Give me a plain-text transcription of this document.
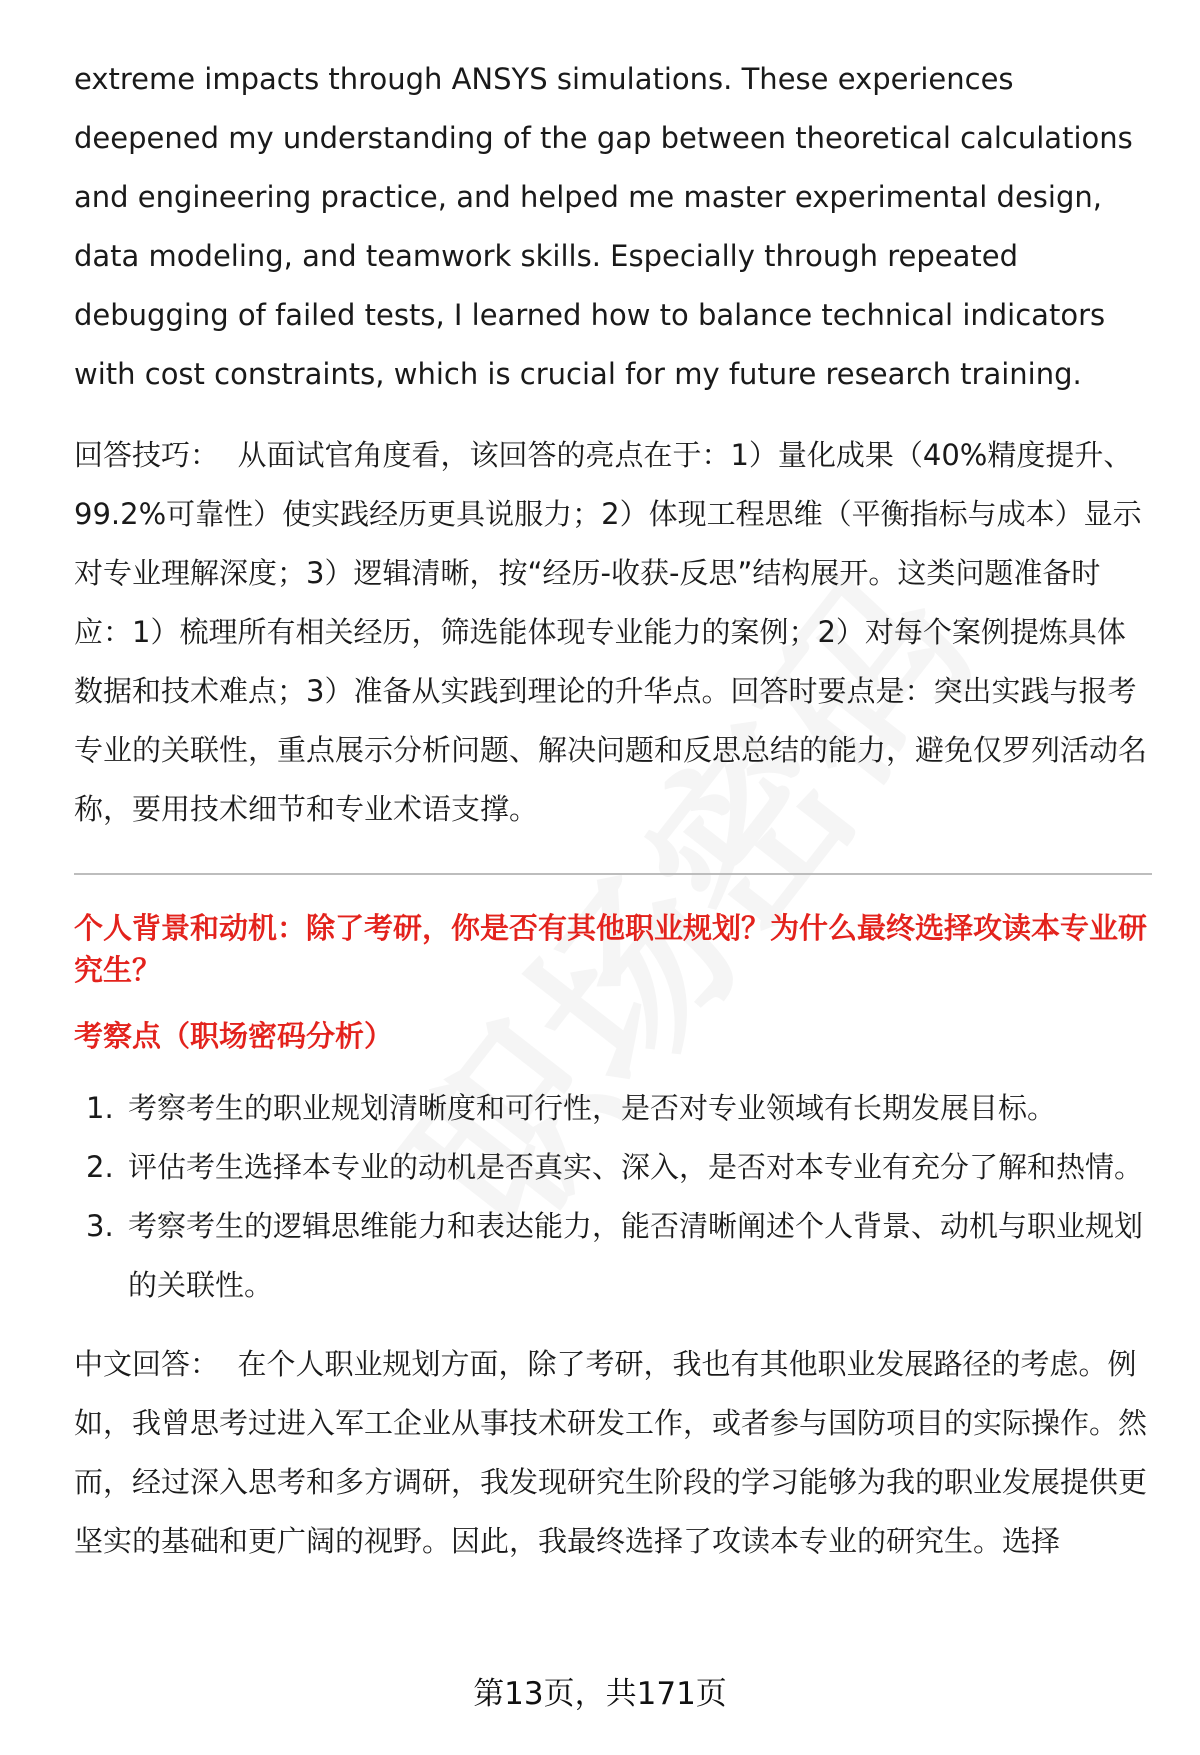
extreme impacts through ANSYS simulations. These experiences deepened my understanding of the gap between theoretical calculations and engineering practice, and helped me master experimental design, data modeling, and teamwork skills. Especially through repeated debugging of failed tests, I learned how to balance technical indicators with cost constraints, which is crucial for my future research training.

回答技巧： 从面试官角度看，该回答的亮点在于：1）量化成果（40%精度提升、99.2%可靠性）使实践经历更具说服力；2）体现工程思维（平衡指标与成本）显示对专业理解深度；3）逻辑清晰，按“经历-收获-反思”结构展开。这类问题准备时应：1）梳理所有相关经历，筛选能体现专业能力的案例；2）对每个案例提炼具体数据和技术难点；3）准备从实践到理论的升华点。回答时要点是：突出实践与报考专业的关联性，重点展示分析问题、解决问题和反思总结的能力，避免仅罗列活动名称，要用技术细节和专业术语支撑。

个人背景和动机：除了考研，你是否有其他职业规划？为什么最终选择攻读本专业研究生？

考察点（职场密码分析）

1. 考察考生的职业规划清晰度和可行性，是否对专业领域有长期发展目标。
2. 评估考生选择本专业的动机是否真实、深入，是否对本专业有充分了解和热情。
3. 考察考生的逻辑思维能力和表达能力，能否清晰阐述个人背景、动机与职业规划的关联性。

中文回答： 在个人职业规划方面，除了考研，我也有其他职业发展路径的考虑。例如，我曾思考过进入军工企业从事技术研发工作，或者参与国防项目的实际操作。然而，经过深入思考和多方调研，我发现研究生阶段的学习能够为我的职业发展提供更坚实的基础和更广阔的视野。因此，我最终选择了攻读本专业的研究生。选择

第13页，共171页
